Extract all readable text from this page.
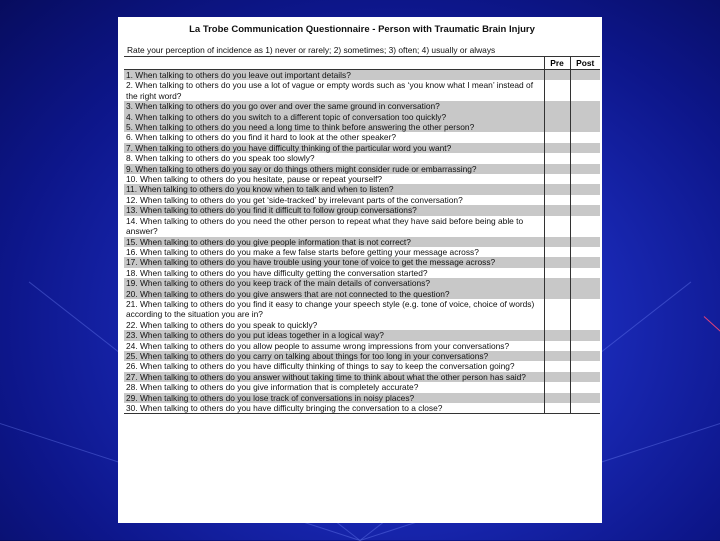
La Trobe Communication Questionnaire - Person with Traumatic Brain Injury
Rate your perception of incidence as 1) never or rarely; 2) sometimes; 3) often; 4) usually or always
	Pre	Post
1. When talking to others do you leave out important details?		
2. When talking to others do you use a lot of vague or empty words such as ‘you know what I mean’ instead of the right word?		
3. When talking to others do you go over and over the same ground in conversation?		
4. When talking to others do you switch to a different topic of conversation too quickly?		
5. When talking to others do you need a long time to think before answering the other person?		
6. When talking to others do you find it hard to look at the other speaker?		
7. When talking to others do you have difficulty thinking of the particular word you want?		
8. When talking to others do you speak too slowly?		
9. When talking to others do you say or do things others might consider rude or embarrassing?		
10. When talking to others do you hesitate, pause or repeat yourself?		
11. When talking to others do you know when to talk and when to listen?		
12. When talking to others do you get ‘side-tracked’ by irrelevant parts of the conversation?		
13. When talking to others do you find it difficult to follow group conversations?		
14. When talking to others do you need the other person to repeat what they have said before being able to answer?		
15. When talking to others do you give people information that is not correct?		
16. When talking to others do you make a few false starts before getting your message across?		
17. When talking to others do you have trouble using your tone of voice to get the message across?		
18. When talking to others do you have difficulty getting the conversation started?		
19. When talking to others do you keep track of the main details of conversations?		
20. When talking to others do you give answers that are not connected to the question?		
21. When talking to others do you find it easy to change your speech style (e.g. tone of voice, choice of words) according to the situation you are in?		
22. When talking to others do you speak to quickly?		
23. When talking to others do you put ideas together in a logical way?		
24. When talking to others do you allow people to assume wrong impressions from your conversations?		
25. When talking to others do you carry on talking about things for too long in your conversations?		
26. When talking to others do you have difficulty thinking of things to say to keep the conversation going?		
27. When talking to others do you answer without taking time to think about what the other person has said?		
28. When talking to others do you give information that is completely accurate?		
29. When talking to others do you lose track of conversations in noisy places?		
30. When talking to others do you have difficulty bringing the conversation to a close?		
